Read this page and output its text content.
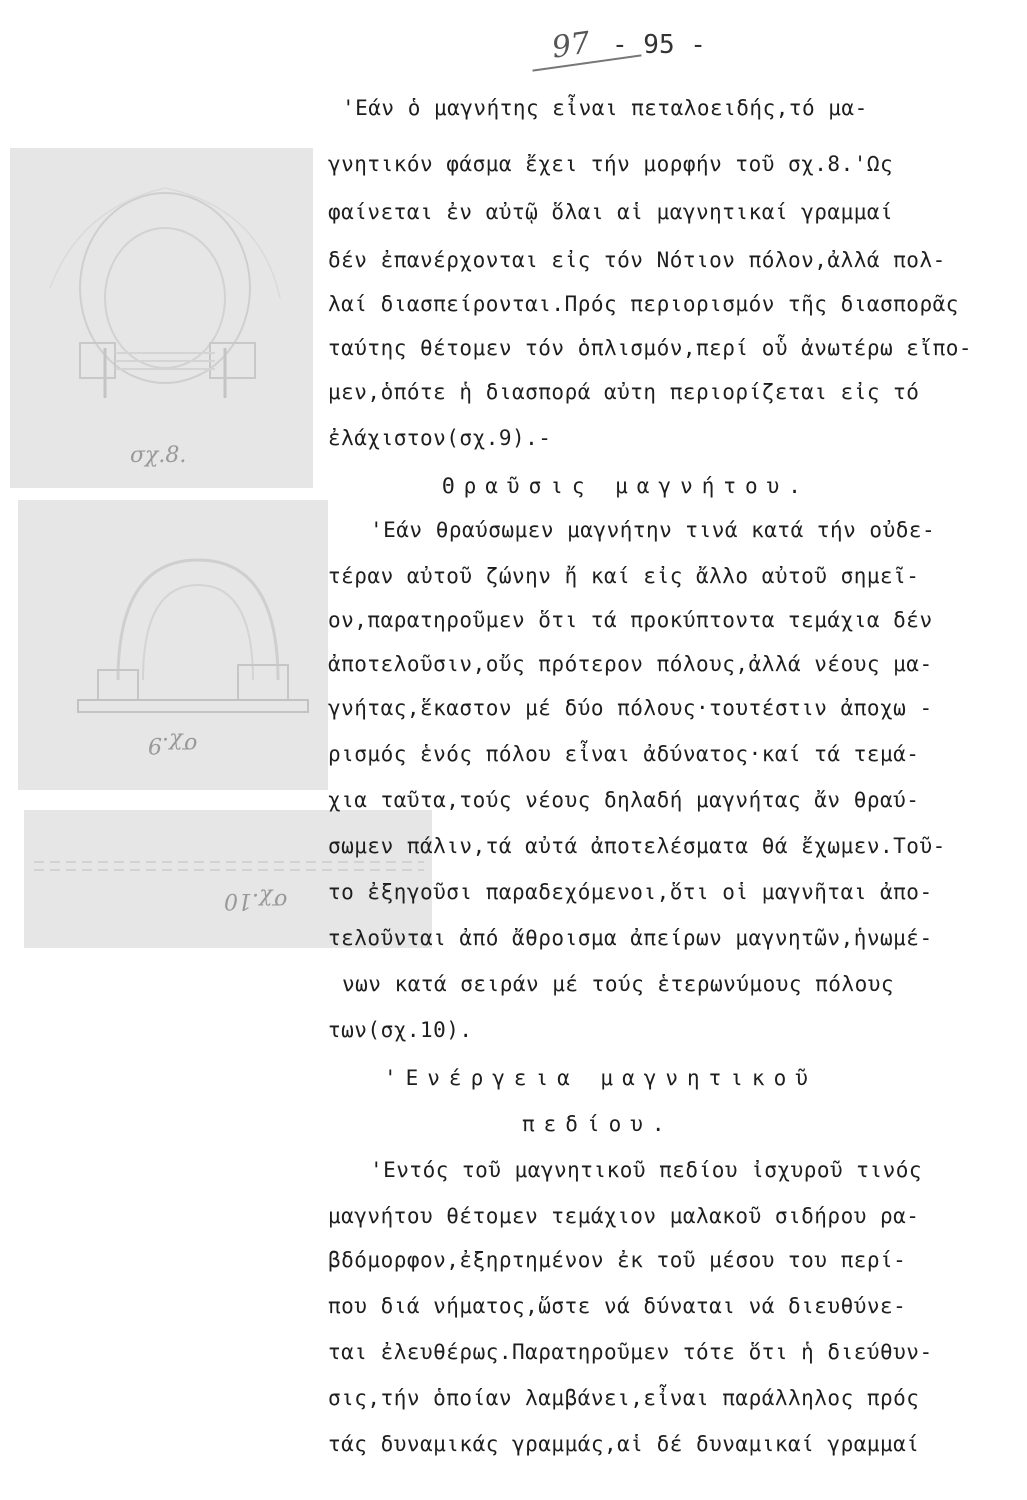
97 - 95 -
σχ.8.
σχ.9
σχ.10
'Εάν ὁ μαγνήτης εἶναι πεταλοειδής,τό μα-
γνητικόν φάσμα ἔχει τήν μορφήν τοῦ σχ.8.'Ως
φαίνεται ἐν αὐτῷ ὅλαι αἱ μαγνητικαί γραμμαί
δέν ἐπανέρχονται εἰς τόν Νότιον πόλον,ἀλλά πολ-
λαί διασπείρονται.Πρός περιορισμόν τῆς διασπορᾶς
ταύτης θέτομεν τόν ὁπλισμόν,περί οὗ ἀνωτέρω εἴπο-
μεν,ὁπότε ἡ διασπορά αὐτη περιορίζεται εἰς τό
ἐλάχιστον(σχ.9).-
Θραῦσις μαγνήτου.
'Εάν θραύσωμεν μαγνήτην τινά κατά τήν οὐδε-
τέραν αὐτοῦ ζώνην ἤ καί εἰς ἄλλο αὐτοῦ σημεῖ-
ον,παρατηροῦμεν ὅτι τά προκύπτοντα τεμάχια δέν
ἀποτελοῦσιν,οὔς πρότερον πόλους,ἀλλά νέους μα-
γνήτας,ἕκαστον μέ δύο πόλους·τουτέστιν ἀποχω -
ρισμός ἑνός πόλου εἶναι ἀδύνατος·καί τά τεμά-
χια ταῦτα,τούς νέους δηλαδή μαγνήτας ἄν θραύ-
σωμεν πάλιν,τά αὐτά ἀποτελέσματα θά ἔχωμεν.Τοῦ-
το ἐξηγοῦσι παραδεχόμενοι,ὅτι οἱ μαγνῆται ἀπο-
τελοῦνται ἀπό ἄθροισμα ἀπείρων μαγνητῶν,ἡνωμέ-
νων κατά σειράν μέ τούς ἑτερωνύμους πόλους
των(σχ.10).
'Ενέργεια μαγνητικοῦ
πεδίου.
'Εντός τοῦ μαγνητικοῦ πεδίου ἰσχυροῦ τινός
μαγνήτου θέτομεν τεμάχιον μαλακοῦ σιδήρου ρα-
βδόμορφον,ἐξηρτημένον ἐκ τοῦ μέσου του περί-
που διά νήματος,ὥστε νά δύναται νά διευθύνε-
ται ἐλευθέρως.Παρατηροῦμεν τότε ὅτι ἡ διεύθυν-
σις,τήν ὁποίαν λαμβάνει,εἶναι παράλληλος πρός
τάς δυναμικάς γραμμάς,αἱ δέ δυναμικαί γραμμαί
